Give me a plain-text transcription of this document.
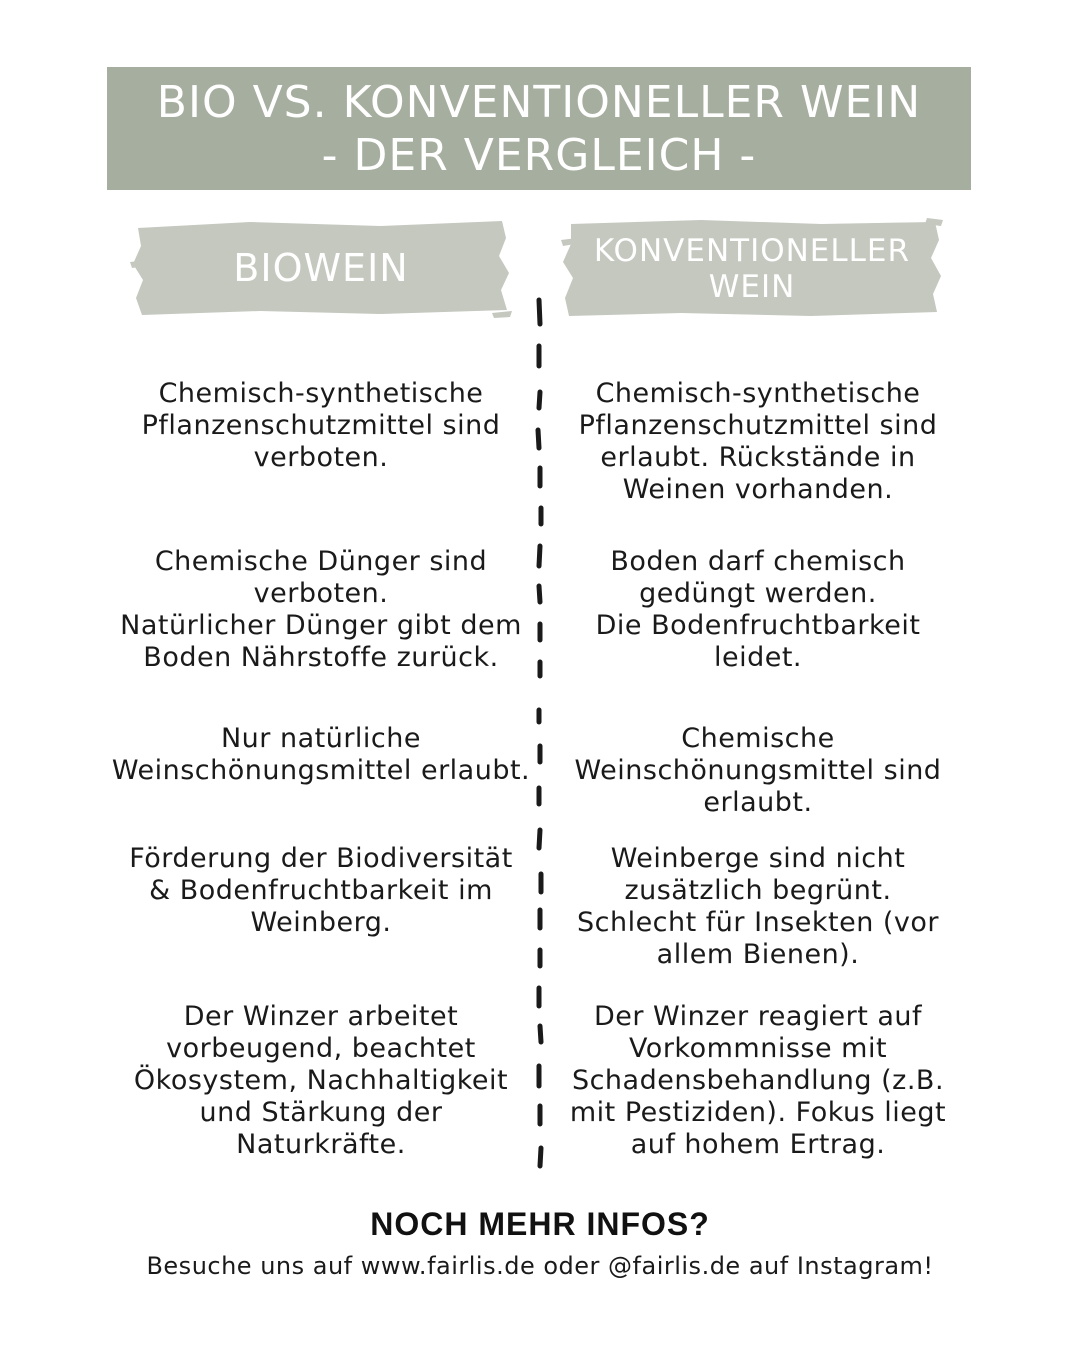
BIO VS. KONVENTIONELLER WEIN
- DER VERGLEICH -
BIOWEIN	KONVENTIONELLER
WEIN
Chemisch-synthetische
Pflanzenschutzmittel sind
verboten.
Chemisch-synthetische
Pflanzenschutzmittel sind
erlaubt. Rückstände in
Weinen vorhanden.
Chemische Dünger sind
verboten.
Natürlicher Dünger gibt dem
Boden Nährstoffe zurück.
Boden darf chemisch
gedüngt werden.
Die Bodenfruchtbarkeit
leidet.
Nur natürliche
Weinschönungsmittel erlaubt.
Chemische
Weinschönungsmittel sind
erlaubt.
Förderung der Biodiversität
& Bodenfruchtbarkeit im
Weinberg.
Weinberge sind nicht
zusätzlich begrünt.
Schlecht für Insekten (vor
allem Bienen).
Der Winzer arbeitet
vorbeugend, beachtet
Ökosystem, Nachhaltigkeit
und Stärkung der
Naturkräfte.
Der Winzer reagiert auf
Vorkommnisse mit
Schadensbehandlung (z.B.
mit Pestiziden). Fokus liegt
auf hohem Ertrag.
NOCH MEHR INFOS?
Besuche uns auf www.fairlis.de oder @fairlis.de auf Instagram!
